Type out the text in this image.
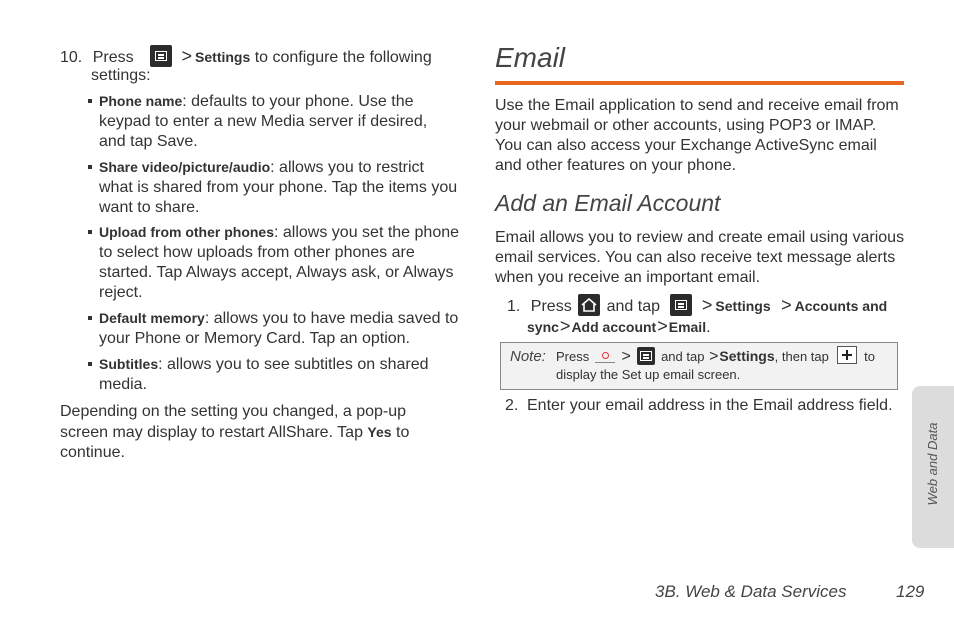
10. Press	> Settings to configure the following
settings:
Phone name: defaults to your phone. Use the keypad to enter a new Media server if desired, and tap Save.
Share video/picture/audio: allows you to restrict what is shared from your phone. Tap the items you want to share.
Upload from other phones: allows you set the phone to select how uploads from other phones are started. Tap Always accept, Always ask, or Always reject.
Default memory: allows you to have media saved to your Phone or Memory Card. Tap an option.
Subtitles: allows you to see subtitles on shared media.
Depending on the setting you changed, a pop-up screen may display to restart AllShare. Tap Yes to continue.
Email
Use the Email application to send and receive email from your webmail or other accounts, using POP3 or IMAP. You can also access your Exchange ActiveSync email and other features on your phone.
Add an Email Account
Email allows you to review and create email using various email services. You can also receive text message alerts when you receive an important email.
1. Press and tap > Settings > Accounts and
sync>Add account>Email.
Note: Press > and tap >Settings, then tap	to
display the Set up email screen.
2. Enter your email address in the Email address field.
Web and Data
3B. Web & Data Services	129
